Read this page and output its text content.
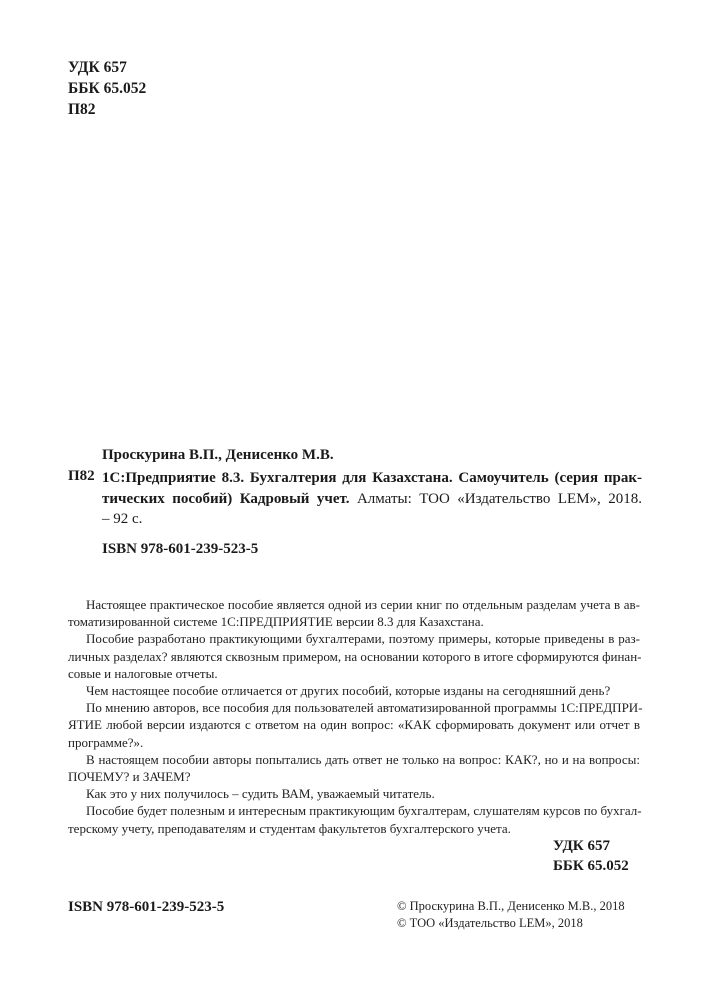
УДК 657
ББК 65.052
П82
Проскурина В.П., Денисенко М.В.
П82 1С:Предприятие 8.3. Бухгалтерия для Казахстана. Самоучитель (серия прак-
тических пособий) Кадровый учет. Алматы: ТОО «Издательство LEM», 2018.
– 92 с.
ISBN 978-601-239-523-5
Настоящее практическое пособие является одной из серии книг по отдельным разделам учета в ав-
томатизированной системе 1С:ПРЕДПРИЯТИЕ версии 8.3 для Казахстана.
Пособие разработано практикующими бухгалтерами, поэтому примеры, которые приведены в раз-
личных разделах? являются сквозным примером, на основании которого в итоге сформируются финан-
совые и налоговые отчеты.
Чем настоящее пособие отличается от других пособий, которые изданы на сегодняшний день?
По мнению авторов, все пособия для пользователей автоматизированной программы 1С:ПРЕДПРИ-
ЯТИЕ любой версии издаются с ответом на один вопрос: «КАК сформировать документ или отчет в
программе?».
В настоящем пособии авторы попытались дать ответ не только на вопрос: КАК?, но и на вопросы:
ПОЧЕМУ? и ЗАЧЕМ?
Как это у них получилось – судить ВАМ, уважаемый читатель.
Пособие будет полезным и интересным практикующим бухгалтерам, слушателям курсов по бухгал-
терскому учету, преподавателям и студентам факультетов бухгалтерского учета.
УДК 657
ББК 65.052
ISBN 978-601-239-523-5	© Проскурина В.П., Денисенко М.В., 2018
© ТОО «Издательство LEM», 2018
